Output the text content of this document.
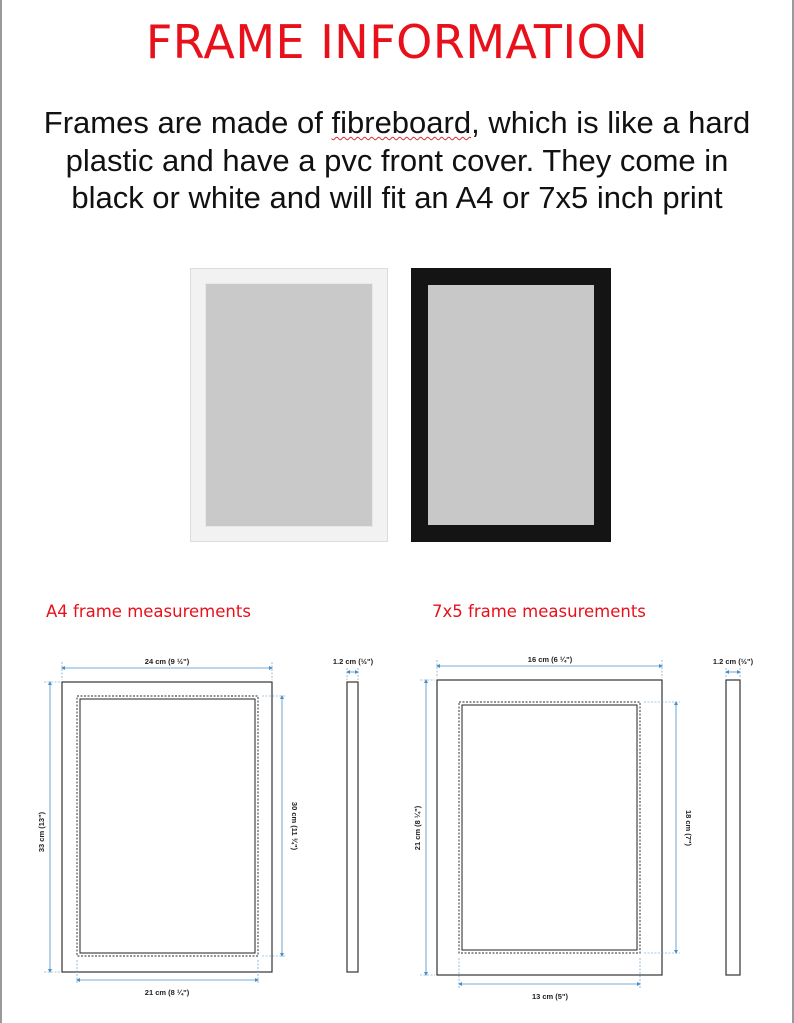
FRAME INFORMATION
Frames are made of fibreboard, which is like a hard
plastic and have a pvc front cover. They come in
black or white and will fit an A4 or 7x5 inch print
A4 frame measurements	7x5 frame measurements
24 cm (9 ½")
33 cm (13")	30 cm (11 ¾")
21 cm (8 ¼")
1.2 cm (½")	16 cm (6 ¼")
21 cm (8 ¼")	18 cm (7")
13 cm (5")
1.2 cm (½")
